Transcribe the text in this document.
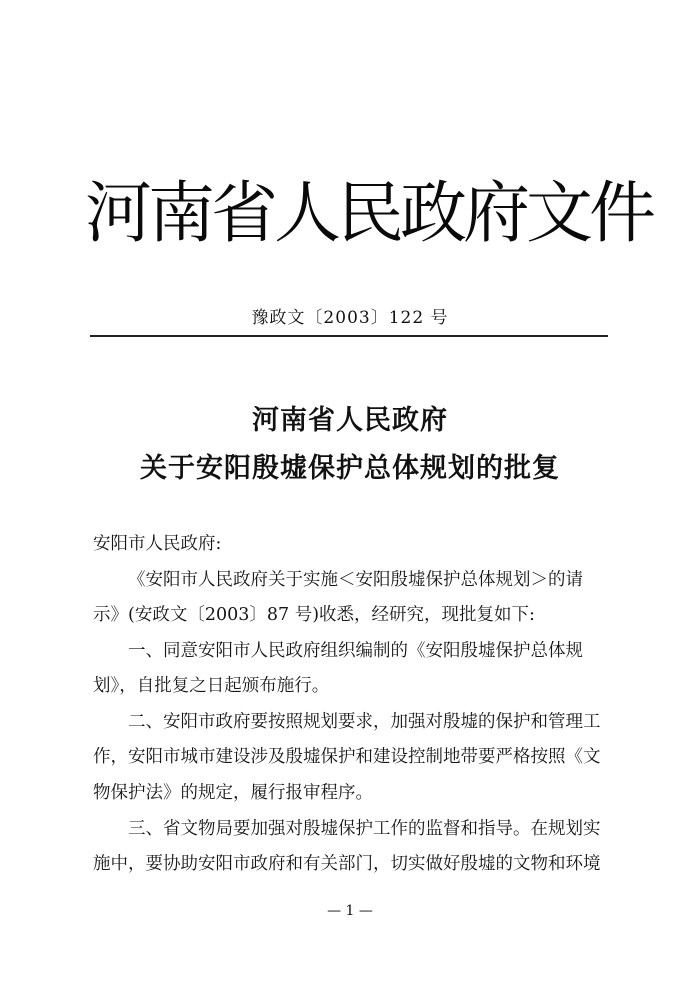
河南省人民政府文件
豫政文〔2003〕122 号
河南省人民政府
关于安阳殷墟保护总体规划的批复
安阳市人民政府:
《安阳市人民政府关于实施＜安阳殷墟保护总体规划＞的请
示》(安政文〔2003〕87 号)收悉，经研究，现批复如下:
一、同意安阳市人民政府组织编制的《安阳殷墟保护总体规
划》，自批复之日起颁布施行。
二、安阳市政府要按照规划要求，加强对殷墟的保护和管理工
作，安阳市城市建设涉及殷墟保护和建设控制地带要严格按照《文
物保护法》的规定，履行报审程序。
三、省文物局要加强对殷墟保护工作的监督和指导。在规划实
施中，要协助安阳市政府和有关部门，切实做好殷墟的文物和环境
— 1 —
